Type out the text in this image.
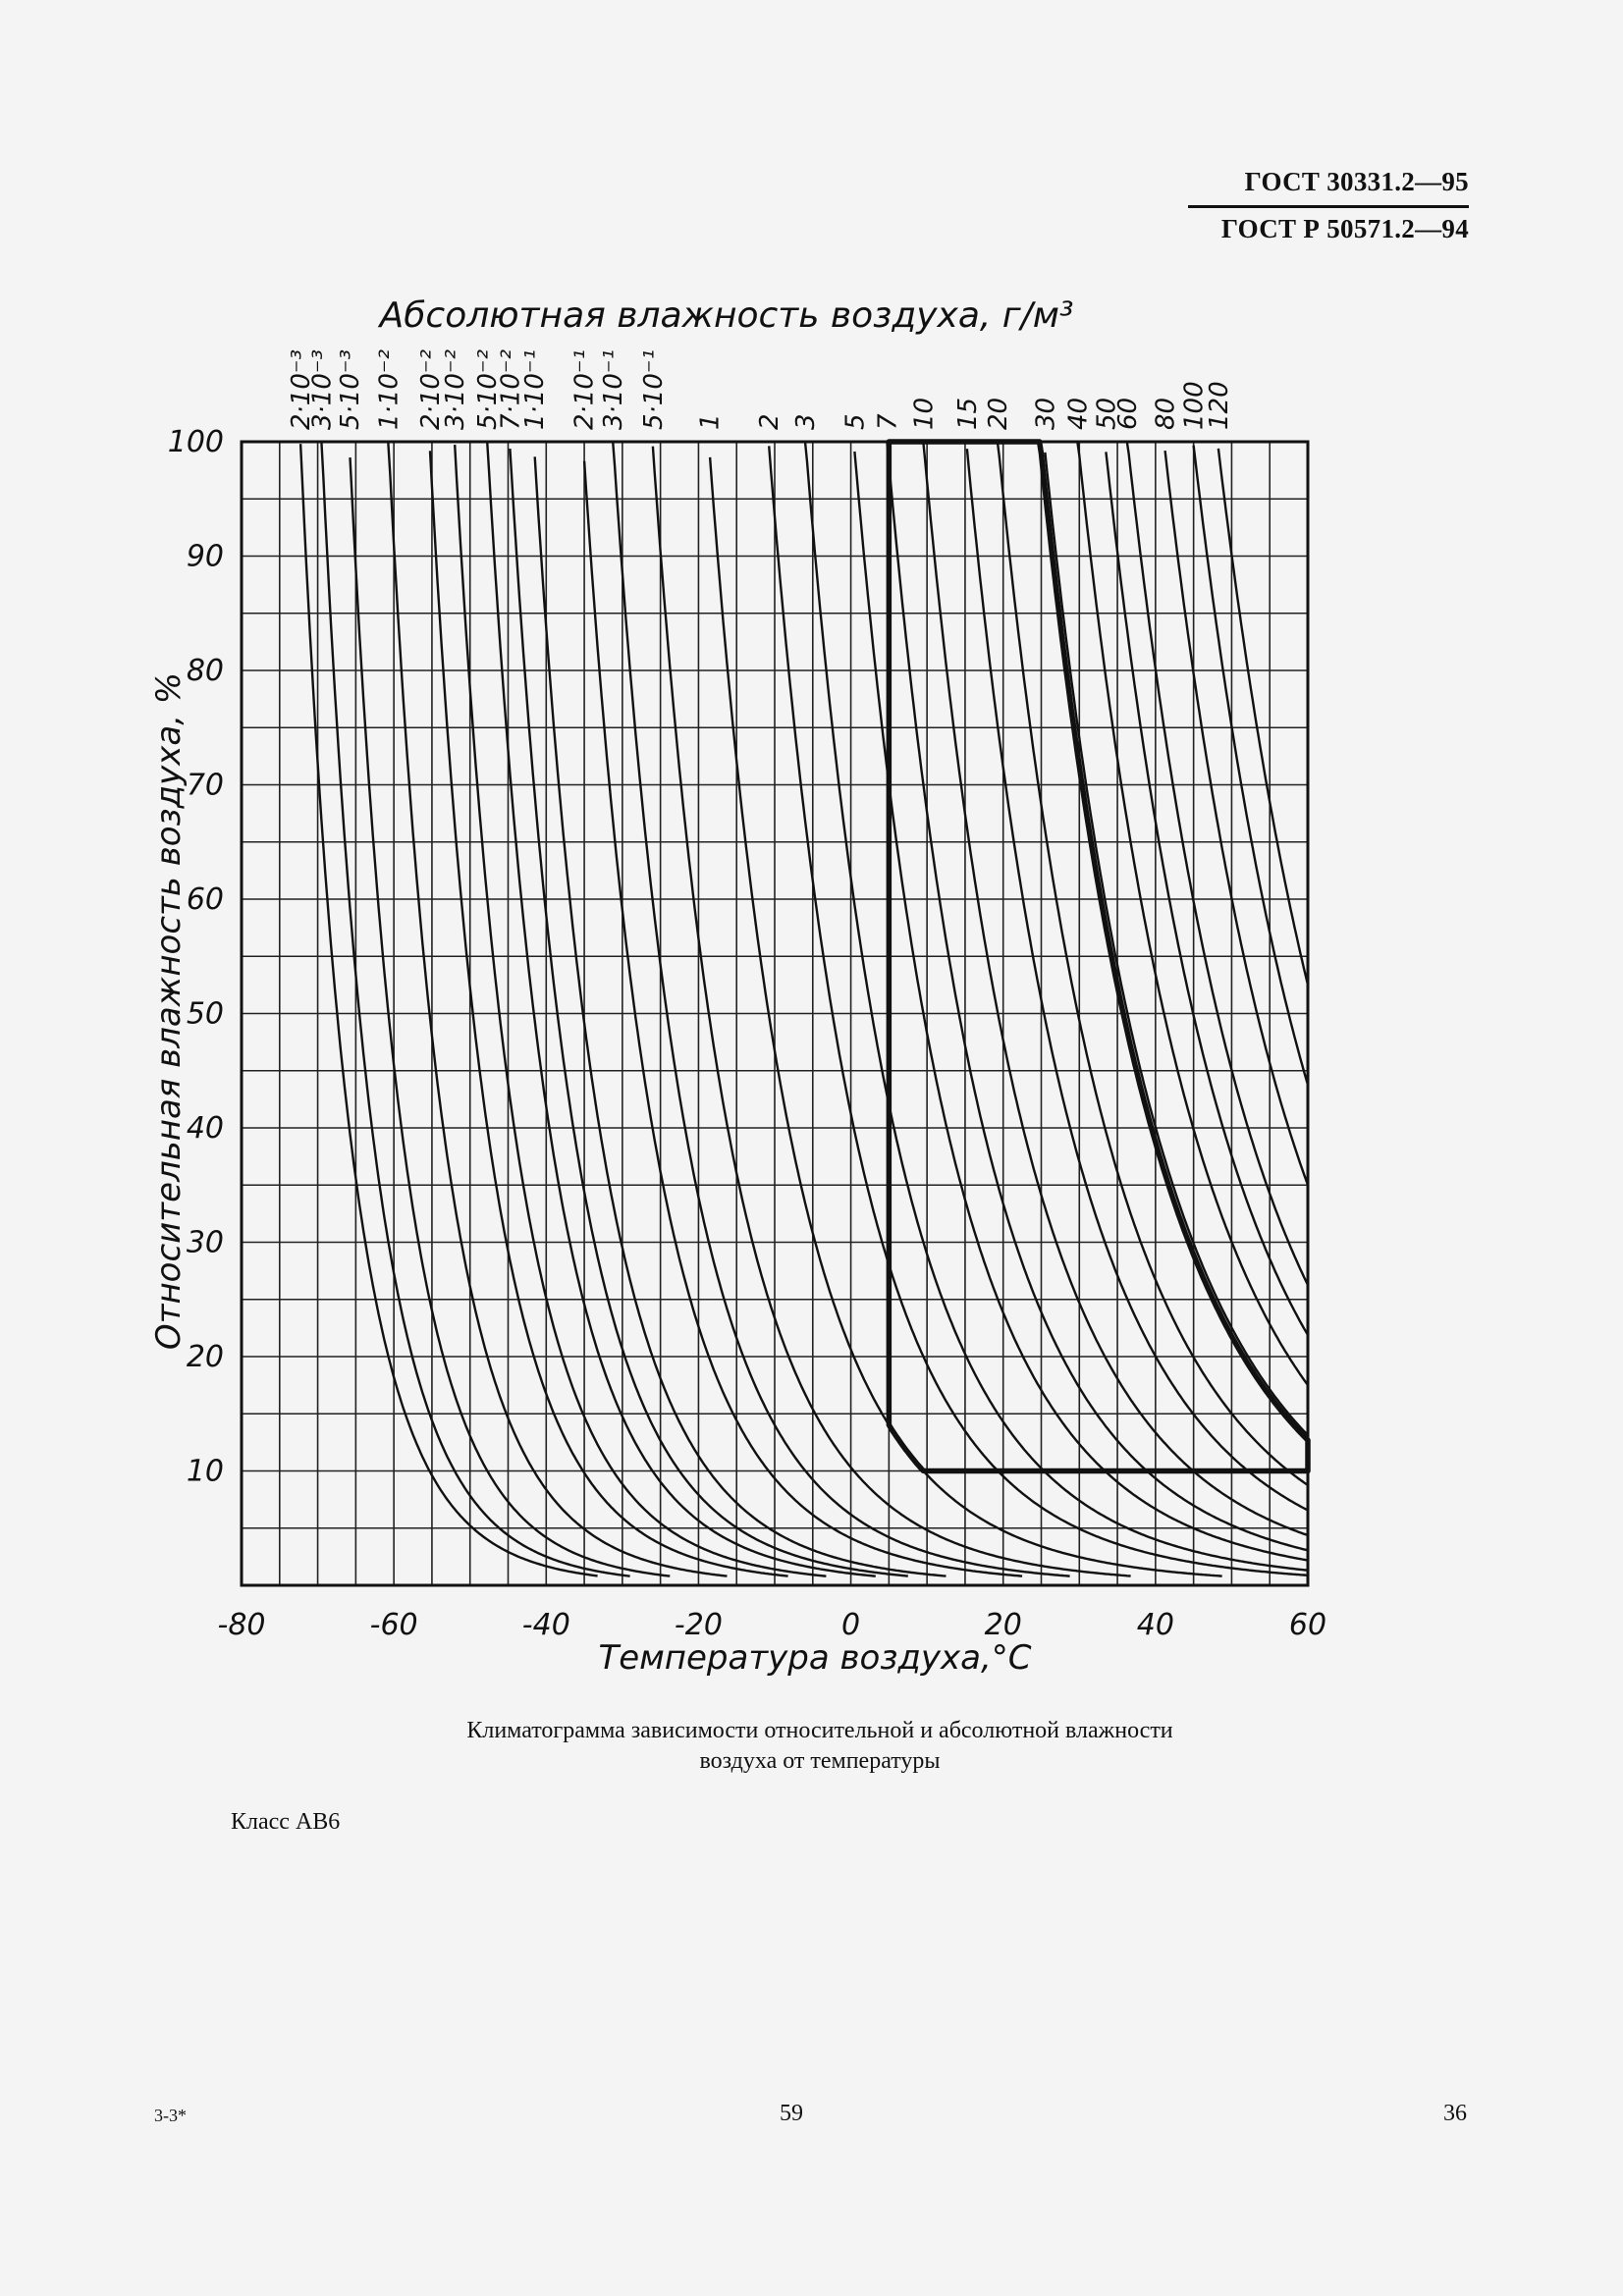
ГОСТ 30331.2—95
ГОСТ Р 50571.2—94
-80	-60	-40	-20	0	20	40	60
10
20
30
40
50
60
70
80
90
100
2·10⁻³
3·10⁻³
5·10⁻³ 1·10⁻² 2·10⁻²
3·10⁻² 5·10⁻²
7·10⁻²
1·10⁻¹ 2·10⁻¹ 3·10⁻¹ 5·10⁻¹ 1 2 3 5 7 10 15 20 30 40 50
60 80 100
120
Абсолютная влажность воздуха, г/м³
Температура воздуха,°С
Относительная влажность воздуха, %
Климатограмма зависимости относительной и абсолютной влажности
воздуха от температуры
Класс АВ6
3-3*	59	36
